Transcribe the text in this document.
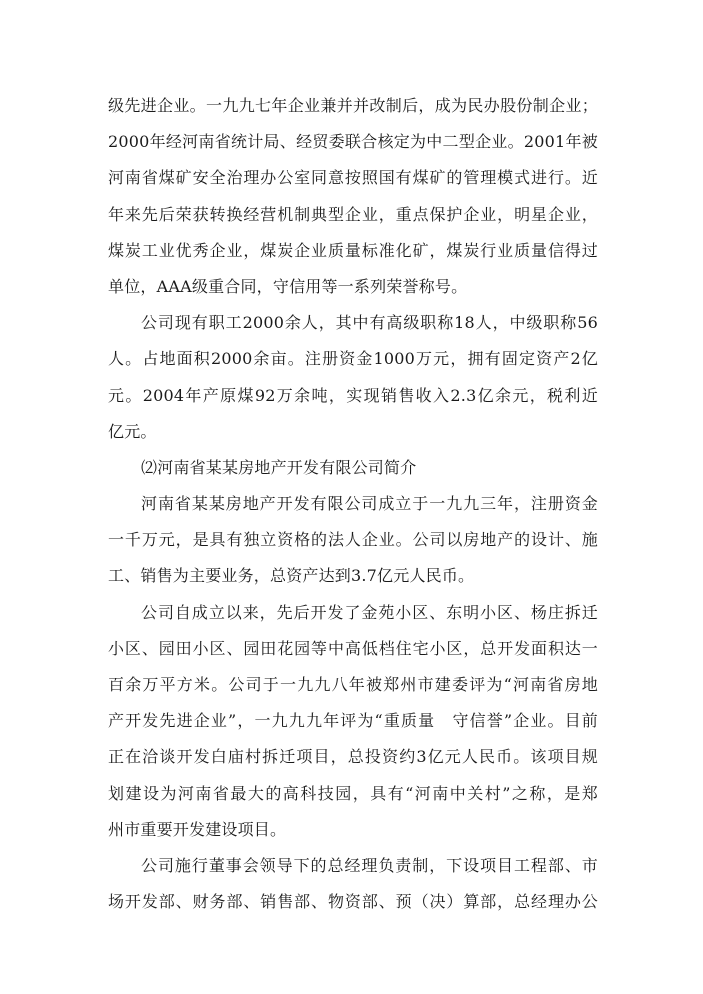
级先进企业。一九九七年企业兼并并改制后，成为民办股份制企业；
2000年经河南省统计局、经贸委联合核定为中二型企业。2001年被
河南省煤矿安全治理办公室同意按照国有煤矿的管理模式进行。近
年来先后荣获转换经营机制典型企业，重点保护企业，明星企业，
煤炭工业优秀企业，煤炭企业质量标准化矿，煤炭行业质量信得过
单位，AAA级重合同，守信用等一系列荣誉称号。
公司现有职工2000余人，其中有高级职称18人，中级职称56
人。占地面积2000余亩。注册资金1000万元，拥有固定资产2亿
元。2004年产原煤92万余吨，实现销售收入2.3亿余元，税利近
亿元。
⑵河南省某某房地产开发有限公司简介
河南省某某房地产开发有限公司成立于一九九三年，注册资金
一千万元，是具有独立资格的法人企业。公司以房地产的设计、施
工、销售为主要业务，总资产达到3.7亿元人民币。
公司自成立以来，先后开发了金苑小区、东明小区、杨庄拆迁
小区、园田小区、园田花园等中高低档住宅小区，总开发面积达一
百余万平方米。公司于一九九八年被郑州市建委评为“河南省房地
产开发先进企业”，一九九九年评为“重质量　守信誉”企业。目前
正在洽谈开发白庙村拆迁项目，总投资约3亿元人民币。该项目规
划建设为河南省最大的高科技园，具有“河南中关村”之称，是郑
州市重要开发建设项目。
公司施行董事会领导下的总经理负责制，下设项目工程部、市
场开发部、财务部、销售部、物资部、预（决）算部，总经理办公
